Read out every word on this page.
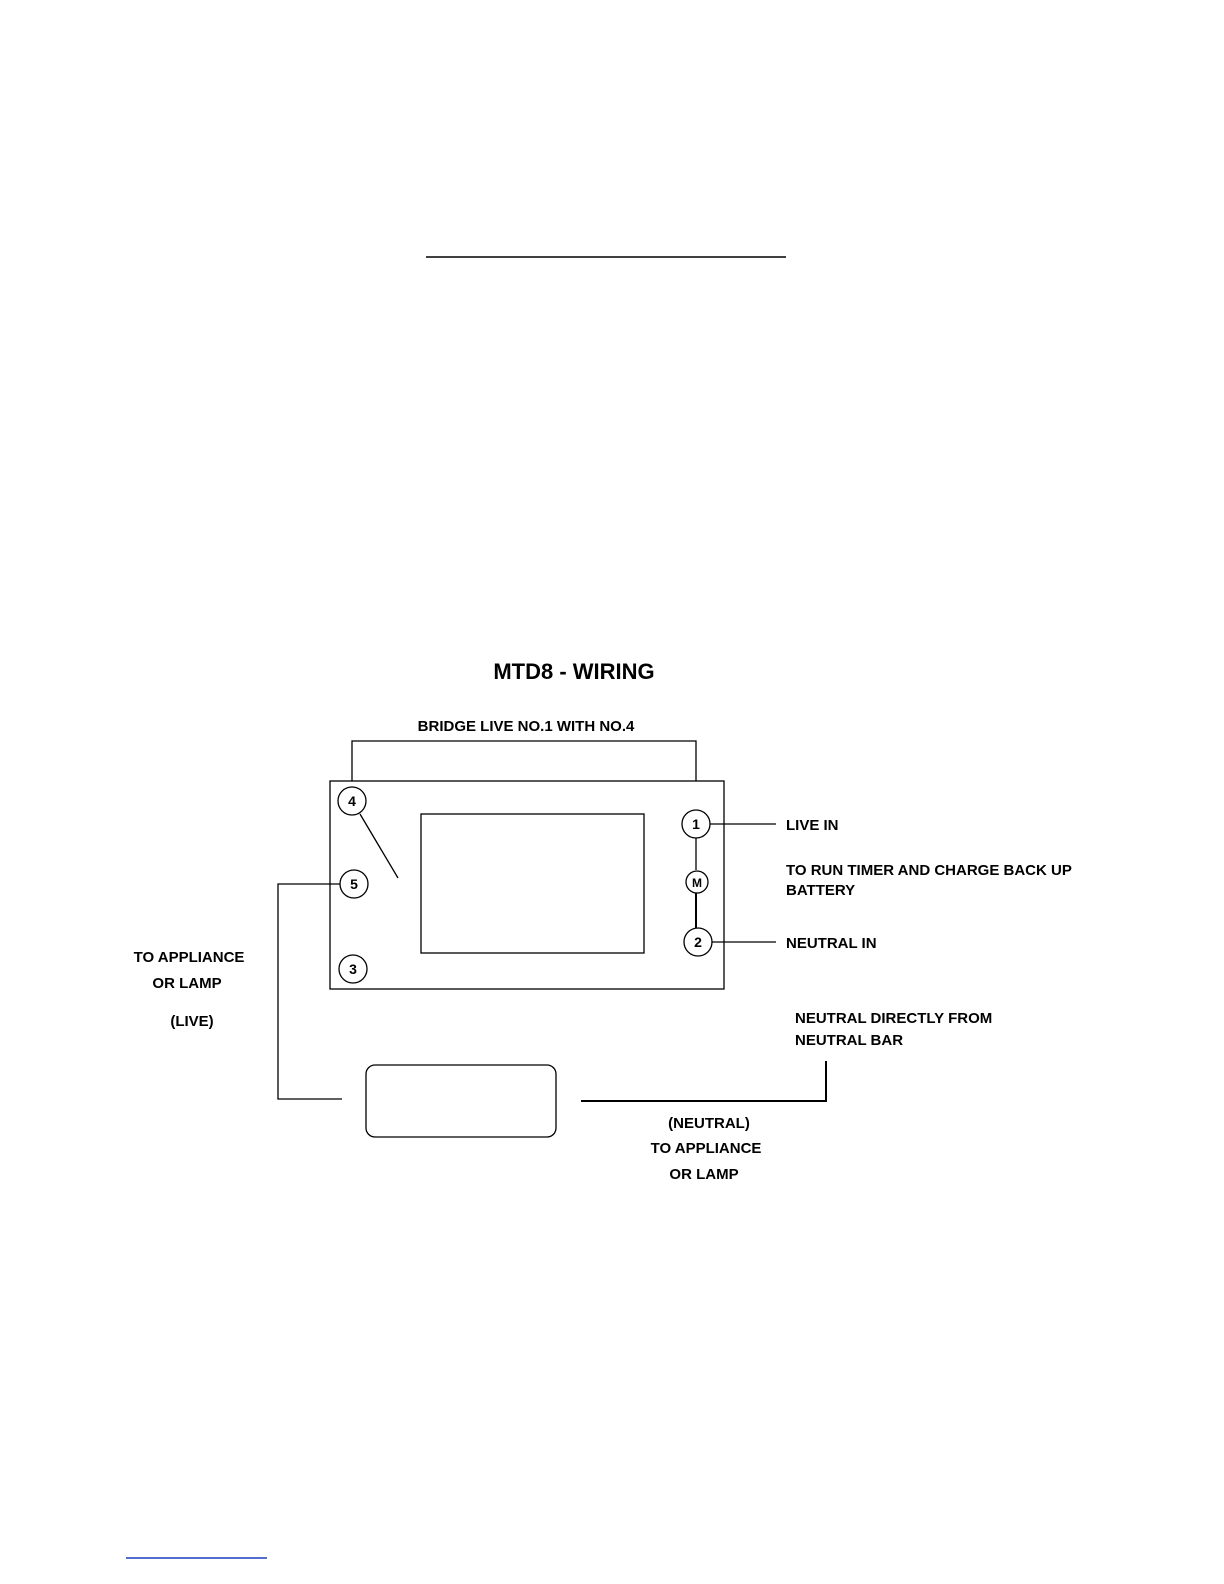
MTD8 - WIRING
BRIDGE LIVE NO.1 WITH NO.4
4
5
3
1
M
2
LIVE IN
TO RUN TIMER AND CHARGE BACK UP
BATTERY
NEUTRAL IN
TO APPLIANCE
OR LAMP
(LIVE)	NEUTRAL DIRECTLY FROM
NEUTRAL BAR
(NEUTRAL)
TO APPLIANCE
OR LAMP
